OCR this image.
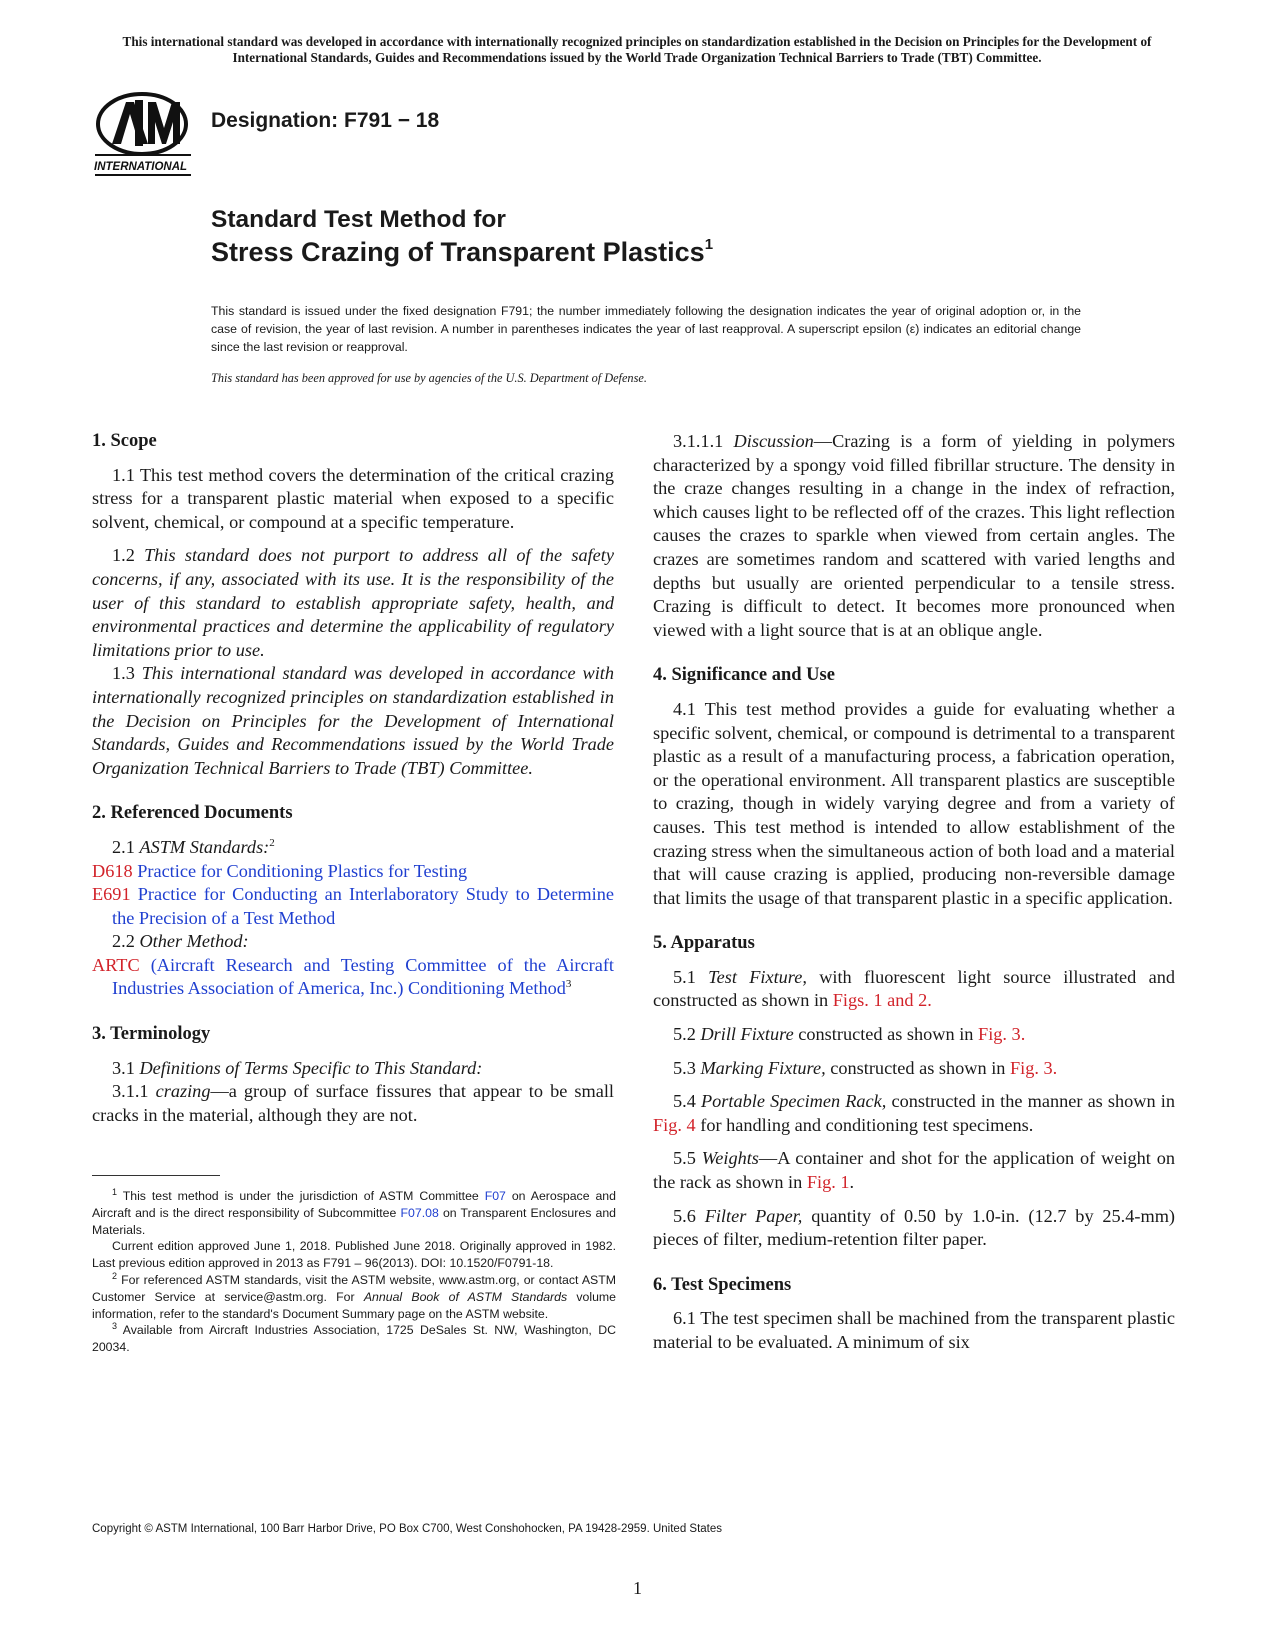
This international standard was developed in accordance with internationally recognized principles on standardization established in the Decision on Principles for the Development of International Standards, Guides and Recommendations issued by the World Trade Organization Technical Barriers to Trade (TBT) Committee.
INTERNATIONAL
Designation: F791 − 18
Standard Test Method for
Stress Crazing of Transparent Plastics$^1$
This standard is issued under the fixed designation F791; the number immediately following the designation indicates the year of original adoption or, in the case of revision, the year of last revision. A number in parentheses indicates the year of last reapproval. A superscript epsilon (ε) indicates an editorial change since the last revision or reapproval.
This standard has been approved for use by agencies of the U.S. Department of Defense.
1. Scope

1.1 This test method covers the determination of the critical crazing stress for a transparent plastic material when exposed to a specific solvent, chemical, or compound at a specific temperature.

1.2 This standard does not purport to address all of the safety concerns, if any, associated with its use. It is the responsibility of the user of this standard to establish appropriate safety, health, and environmental practices and determine the applicability of regulatory limitations prior to use.

1.3 This international standard was developed in accordance with internationally recognized principles on standardization established in the Decision on Principles for the Development of International Standards, Guides and Recommendations issued by the World Trade Organization Technical Barriers to Trade (TBT) Committee.

2. Referenced Documents

2.1 ASTM Standards:$^2$

D618 Practice for Conditioning Plastics for Testing
E691 Practice for Conducting an Interlaboratory Study to Determine the Precision of a Test Method

2.2 Other Method:

ARTC (Aircraft Research and Testing Committee of the Aircraft Industries Association of America, Inc.) Conditioning Method$^3$
3. Terminology

3.1 Definitions of Terms Specific to This Standard:

3.1.1 crazing—a group of surface fissures that appear to be small cracks in the material, although they are not.

3.1.1.1 Discussion—Crazing is a form of yielding in polymers characterized by a spongy void filled fibrillar structure. The density in the craze changes resulting in a change in the index of refraction, which causes light to be reflected off of the crazes. This light reflection causes the crazes to sparkle when viewed from certain angles. The crazes are sometimes random and scattered with varied lengths and depths but usually are oriented perpendicular to a tensile stress. Crazing is difficult to detect. It becomes more pronounced when viewed with a light source that is at an oblique angle.

4. Significance and Use

4.1 This test method provides a guide for evaluating whether a specific solvent, chemical, or compound is detrimental to a transparent plastic as a result of a manufacturing process, a fabrication operation, or the operational environment. All transparent plastics are susceptible to crazing, though in widely varying degree and from a variety of causes. This test method is intended to allow establishment of the crazing stress when the simultaneous action of both load and a material that will cause crazing is applied, producing non-reversible damage that limits the usage of that transparent plastic in a specific application.

5. Apparatus

5.1 Test Fixture, with fluorescent light source illustrated and constructed as shown in Figs. 1 and 2.

5.2 Drill Fixture constructed as shown in Fig. 3.

5.3 Marking Fixture, constructed as shown in Fig. 3.

5.4 Portable Specimen Rack, constructed in the manner as shown in Fig. 4 for handling and conditioning test specimens.

5.5 Weights—A container and shot for the application of weight on the rack as shown in Fig. 1.

5.6 Filter Paper, quantity of 0.50 by 1.0-in. (12.7 by 25.4-mm) pieces of filter, medium-retention filter paper.

6. Test Specimens

6.1 The test specimen shall be machined from the transparent plastic material to be evaluated. A minimum of six

$^1$ This test method is under the jurisdiction of ASTM Committee F07 on Aerospace and Aircraft and is the direct responsibility of Subcommittee F07.08 on Transparent Enclosures and Materials.

Current edition approved June 1, 2018. Published June 2018. Originally approved in 1982. Last previous edition approved in 2013 as F791 – 96(2013). DOI: 10.1520/F0791-18.

$^2$ For referenced ASTM standards, visit the ASTM website, www.astm.org, or contact ASTM Customer Service at service@astm.org. For Annual Book of ASTM Standards volume information, refer to the standard's Document Summary page on the ASTM website.

$^3$ Available from Aircraft Industries Association, 1725 DeSales St. NW, Washington, DC 20034.

Copyright © ASTM International, 100 Barr Harbor Drive, PO Box C700, West Conshohocken, PA 19428-2959. United States
1
